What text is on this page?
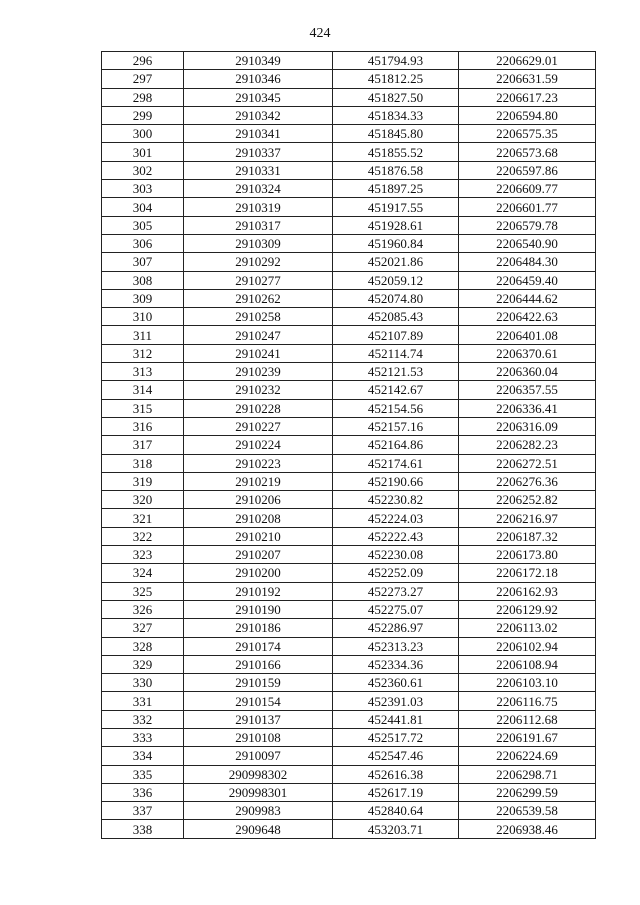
424
296	2910349	451794.93	2206629.01
297	2910346	451812.25	2206631.59
298	2910345	451827.50	2206617.23
299	2910342	451834.33	2206594.80
300	2910341	451845.80	2206575.35
301	2910337	451855.52	2206573.68
302	2910331	451876.58	2206597.86
303	2910324	451897.25	2206609.77
304	2910319	451917.55	2206601.77
305	2910317	451928.61	2206579.78
306	2910309	451960.84	2206540.90
307	2910292	452021.86	2206484.30
308	2910277	452059.12	2206459.40
309	2910262	452074.80	2206444.62
310	2910258	452085.43	2206422.63
311	2910247	452107.89	2206401.08
312	2910241	452114.74	2206370.61
313	2910239	452121.53	2206360.04
314	2910232	452142.67	2206357.55
315	2910228	452154.56	2206336.41
316	2910227	452157.16	2206316.09
317	2910224	452164.86	2206282.23
318	2910223	452174.61	2206272.51
319	2910219	452190.66	2206276.36
320	2910206	452230.82	2206252.82
321	2910208	452224.03	2206216.97
322	2910210	452222.43	2206187.32
323	2910207	452230.08	2206173.80
324	2910200	452252.09	2206172.18
325	2910192	452273.27	2206162.93
326	2910190	452275.07	2206129.92
327	2910186	452286.97	2206113.02
328	2910174	452313.23	2206102.94
329	2910166	452334.36	2206108.94
330	2910159	452360.61	2206103.10
331	2910154	452391.03	2206116.75
332	2910137	452441.81	2206112.68
333	2910108	452517.72	2206191.67
334	2910097	452547.46	2206224.69
335	290998302	452616.38	2206298.71
336	290998301	452617.19	2206299.59
337	2909983	452840.64	2206539.58
338	2909648	453203.71	2206938.46
